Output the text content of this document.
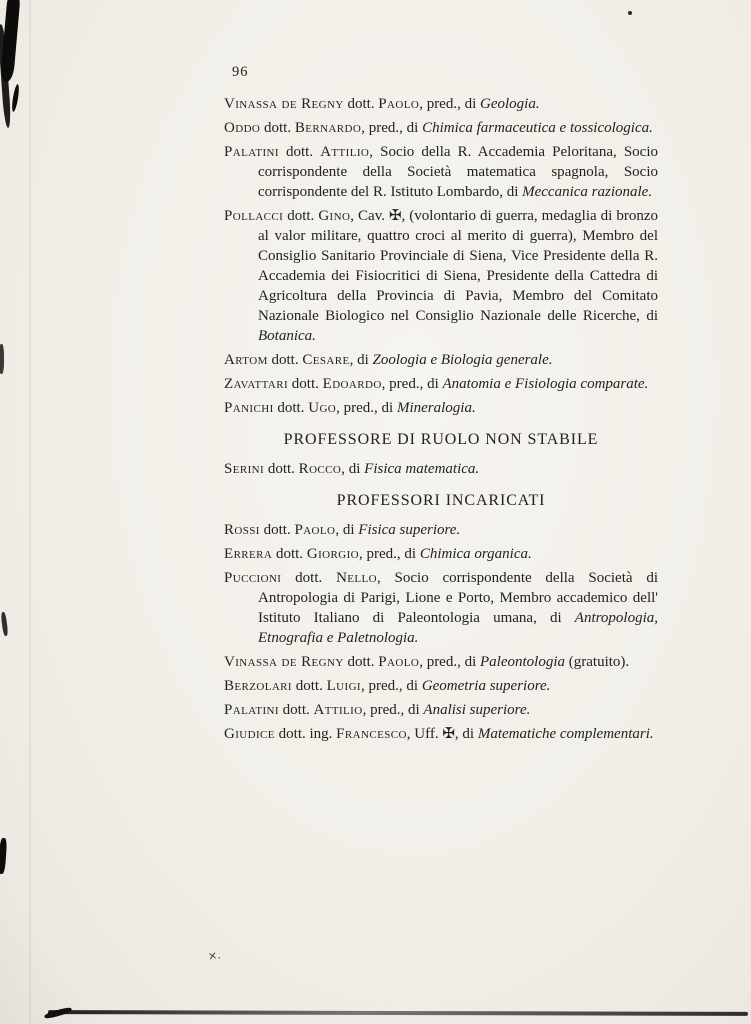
×.
96

Vinassa de Regny dott. Paolo, pred., di Geologia.

Oddo dott. Bernardo, pred., di Chimica farmaceutica e tossicologica.

Palatini dott. Attilio, Socio della R. Accademia Peloritana, Socio corrispondente della Società matematica spagnola, Socio corrispondente del R. Istituto Lombardo, di Meccanica razionale.

Pollacci dott. Gino, Cav. ✠, (volontario di guerra, medaglia di bronzo al valor militare, quattro croci al merito di guerra), Membro del Consiglio Sanitario Provinciale di Siena, Vice Presidente della R. Accademia dei Fisiocritici di Siena, Presidente della Cattedra di Agricoltura della Provincia di Pavia, Membro del Comitato Nazionale Biologico nel Consiglio Nazionale delle Ricerche, di Botanica.

Artom dott. Cesare, di Zoologia e Biologia generale.

Zavattari dott. Edoardo, pred., di Anatomia e Fisiologia comparate.

Panichi dott. Ugo, pred., di Mineralogia.

PROFESSORE DI RUOLO NON STABILE

Serini dott. Rocco, di Fisica matematica.

PROFESSORI INCARICATI

Rossi dott. Paolo, di Fisica superiore.

Errera dott. Giorgio, pred., di Chimica organica.

Puccioni dott. Nello, Socio corrispondente della Società di Antropologia di Parigi, Lione e Porto, Membro accademico dell' Istituto Italiano di Paleontologia umana, di Antropologia, Etnografia e Paletnologia.

Vinassa de Regny dott. Paolo, pred., di Paleontologia (gratuito).

Berzolari dott. Luigi, pred., di Geometria superiore.

Palatini dott. Attilio, pred., di Analisi superiore.

Giudice dott. ing. Francesco, Uff. ✠, di Matematiche complementari.
